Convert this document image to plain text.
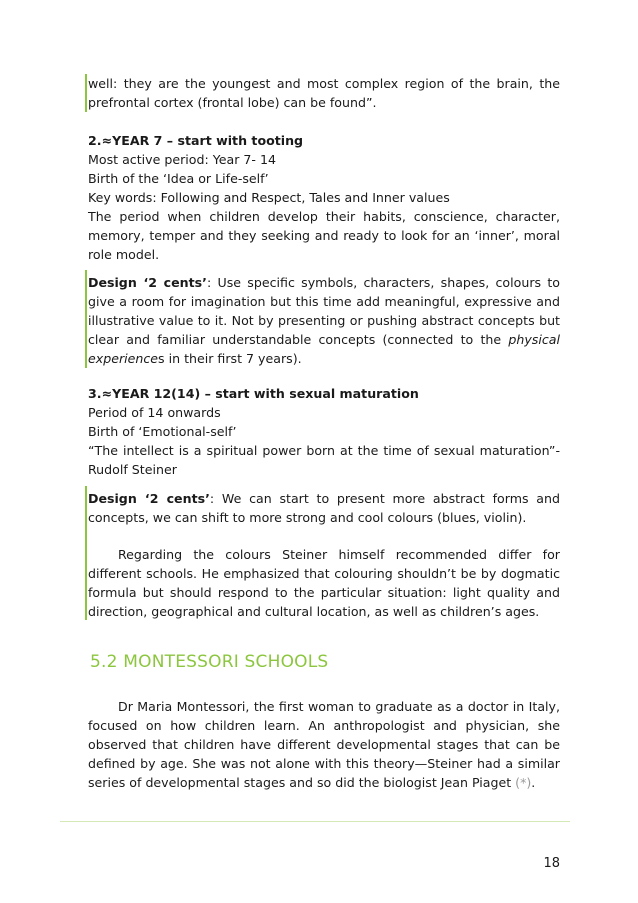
well: they are the youngest and most complex region of the brain, the prefrontal cortex (frontal lobe) can be found”.

2.≈YEAR 7 – start with tooting
Most active period: Year 7- 14
Birth of the ‘Idea or Life-self’
Key words: Following and Respect, Tales and Inner values

The period when children develop their habits, conscience, character, memory, temper and they seeking and ready to look for an ‘inner’, moral role model.

Design ‘2 cents’: Use specific symbols, characters, shapes, colours to give a room for imagination but this time add meaningful, expressive and illustrative value to it. Not by presenting or pushing abstract concepts but clear and familiar understandable concepts (connected to the physical experiences in their first 7 years).

3.≈YEAR 12(14) – start with sexual maturation
Period of 14 onwards
Birth of ‘Emotional-self’

“The intellect is a spiritual power born at the time of sexual maturation”-Rudolf Steiner

Design ‘2 cents’: We can start to present more abstract forms and concepts, we can shift to more strong and cool colours (blues, violin).

Regarding the colours Steiner himself recommended differ for different schools. He emphasized that colouring shouldn’t be by dogmatic formula but should respond to the particular situation: light quality and direction, geographical and cultural location, as well as children’s ages.

5.2 MONTESSORI SCHOOLS

Dr Maria Montessori, the first woman to graduate as a doctor in Italy, focused on how children learn. An anthropologist and physician, she observed that children have different developmental stages that can be defined by age. She was not alone with this theory—Steiner had a similar series of developmental stages and so did the biologist Jean Piaget (*).

18
